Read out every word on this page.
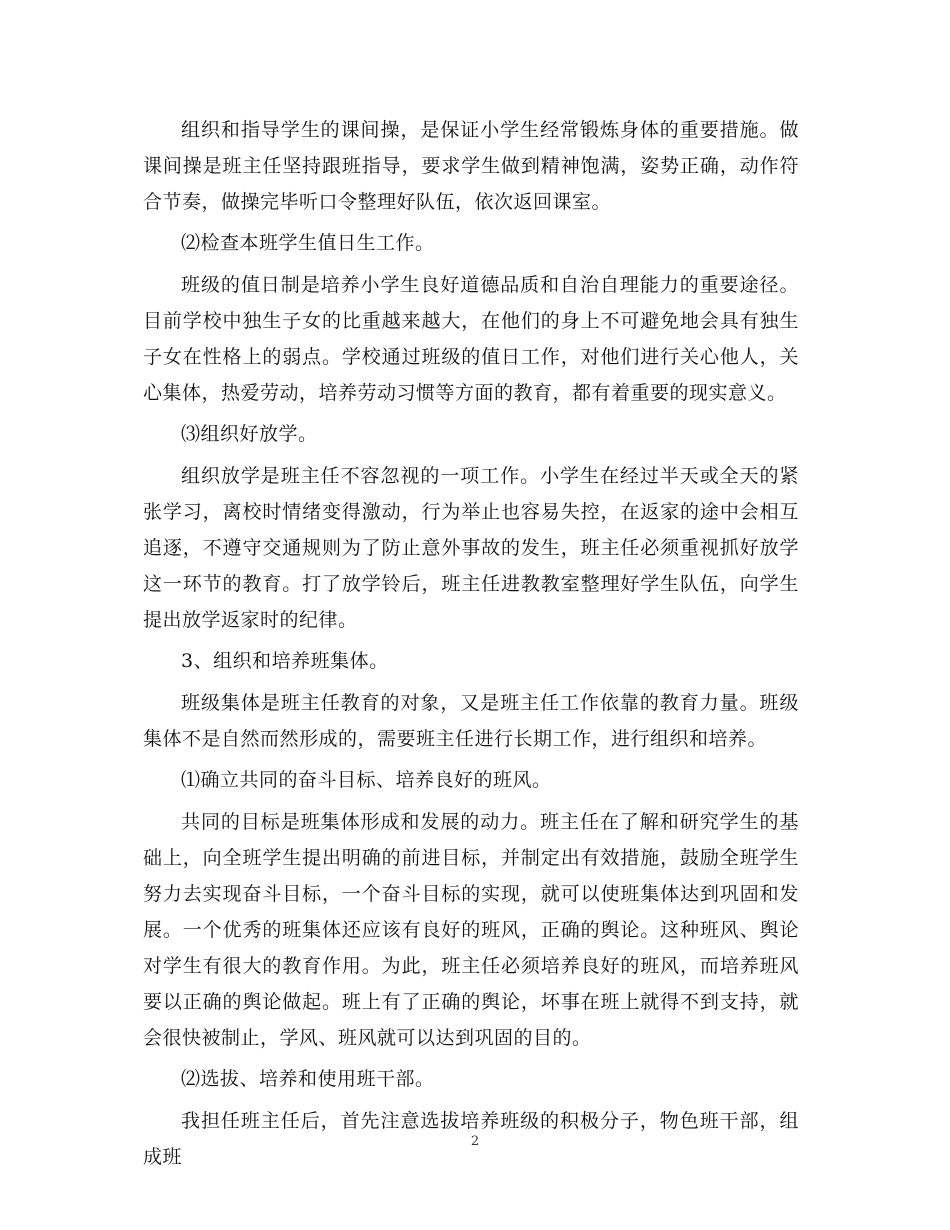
组织和指导学生的课间操，是保证小学生经常锻炼身体的重要措施。做课间操是班主任坚持跟班指导，要求学生做到精神饱满，姿势正确，动作符合节奏，做操完毕听口令整理好队伍，依次返回课室。

⑵检查本班学生值日生工作。

班级的值日制是培养小学生良好道德品质和自治自理能力的重要途径。目前学校中独生子女的比重越来越大，在他们的身上不可避免地会具有独生子女在性格上的弱点。学校通过班级的值日工作，对他们进行关心他人，关心集体，热爱劳动，培养劳动习惯等方面的教育，都有着重要的现实意义。

⑶组织好放学。

组织放学是班主任不容忽视的一项工作。小学生在经过半天或全天的紧张学习，离校时情绪变得激动，行为举止也容易失控，在返家的途中会相互追逐，不遵守交通规则为了防止意外事故的发生，班主任必须重视抓好放学这一环节的教育。打了放学铃后，班主任进教教室整理好学生队伍，向学生提出放学返家时的纪律。

3、组织和培养班集体。

班级集体是班主任教育的对象，又是班主任工作依靠的教育力量。班级集体不是自然而然形成的，需要班主任进行长期工作，进行组织和培养。

⑴确立共同的奋斗目标、培养良好的班风。

共同的目标是班集体形成和发展的动力。班主任在了解和研究学生的基础上，向全班学生提出明确的前进目标，并制定出有效措施，鼓励全班学生努力去实现奋斗目标，一个奋斗目标的实现，就可以使班集体达到巩固和发展。一个优秀的班集体还应该有良好的班风，正确的舆论。这种班风、舆论对学生有很大的教育作用。为此，班主任必须培养良好的班风，而培养班风要以正确的舆论做起。班上有了正确的舆论，坏事在班上就得不到支持，就会很快被制止，学风、班风就可以达到巩固的目的。

⑵选拔、培养和使用班干部。

我担任班主任后，首先注意选拔培养班级的积极分子，物色班干部，组成班

2
